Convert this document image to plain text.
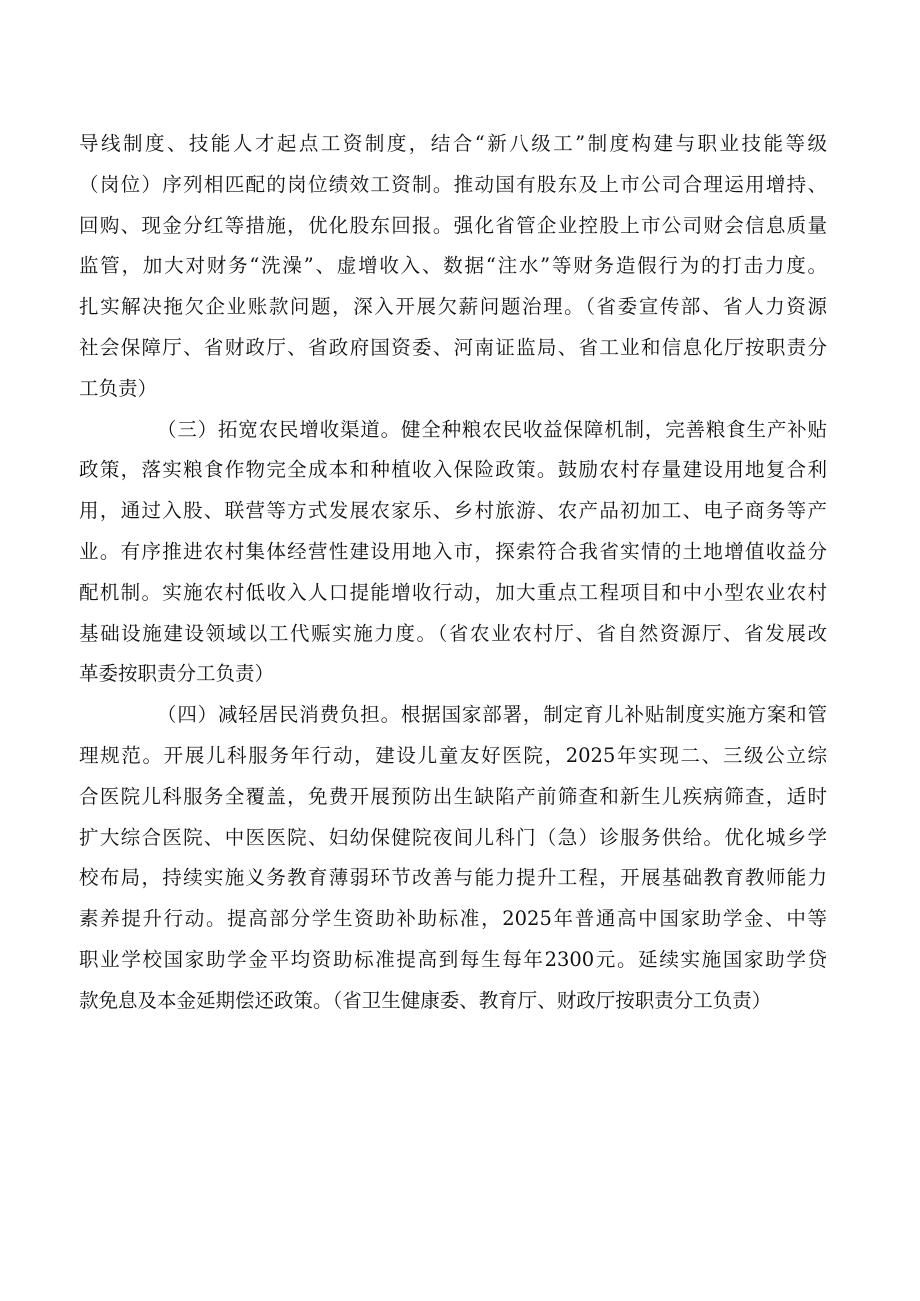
导线制度、技能人才起点工资制度，结合“新八级工”制度构建与职业技能等级
（岗位）序列相匹配的岗位绩效工资制。推动国有股东及上市公司合理运用增持、
回购、现金分红等措施，优化股东回报。强化省管企业控股上市公司财会信息质量
监管，加大对财务“洗澡”、虚增收入、数据“注水”等财务造假行为的打击力度。
扎实解决拖欠企业账款问题，深入开展欠薪问题治理。（省委宣传部、省人力资源
社会保障厅、省财政厅、省政府国资委、河南证监局、省工业和信息化厅按职责分
工负责）
（三）拓宽农民增收渠道。健全种粮农民收益保障机制，完善粮食生产补贴
政策，落实粮食作物完全成本和种植收入保险政策。鼓励农村存量建设用地复合利
用，通过入股、联营等方式发展农家乐、乡村旅游、农产品初加工、电子商务等产
业。有序推进农村集体经营性建设用地入市，探索符合我省实情的土地增值收益分
配机制。实施农村低收入人口提能增收行动，加大重点工程项目和中小型农业农村
基础设施建设领域以工代赈实施力度。（省农业农村厅、省自然资源厅、省发展改
革委按职责分工负责）
（四）减轻居民消费负担。根据国家部署，制定育儿补贴制度实施方案和管
理规范。开展儿科服务年行动，建设儿童友好医院，2025年实现二、三级公立综
合医院儿科服务全覆盖，免费开展预防出生缺陷产前筛查和新生儿疾病筛查，适时
扩大综合医院、中医医院、妇幼保健院夜间儿科门（急）诊服务供给。优化城乡学
校布局，持续实施义务教育薄弱环节改善与能力提升工程，开展基础教育教师能力
素养提升行动。提高部分学生资助补助标准，2025年普通高中国家助学金、中等
职业学校国家助学金平均资助标准提高到每生每年2300元。延续实施国家助学贷
款免息及本金延期偿还政策。（省卫生健康委、教育厅、财政厅按职责分工负责）
